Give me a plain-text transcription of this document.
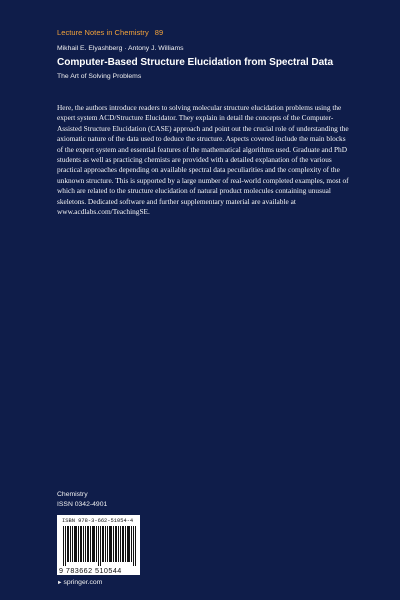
Lecture Notes in Chemistry 89
Mikhail E. Elyashberg · Antony J. Williams
Computer-Based Structure Elucidation from Spectral Data
The Art of Solving Problems

Here, the authors introduce readers to solving molecular structure elucidation problems using the expert system ACD/Structure Elucidator. They explain in detail the concepts of the Computer-Assisted Structure Elucidation (CASE) approach and point out the crucial role of understanding the axiomatic nature of the data used to deduce the structure. Aspects covered include the main blocks of the expert system and essential features of the mathematical algorithms used. Graduate and PhD students as well as practicing chemists are provided with a detailed explanation of the various practical approaches depending on available spectral data peculiarities and the complexity of the unknown structure. This is supported by a large number of real-world completed examples, most of which are related to the structure elucidation of natural product molecules containing unusual skeletons. Dedicated software and further supplementary material are available at www.acdlabs.com/TeachingSE.

Chemistry
ISSN 0342-4901
ISBN 978-3-662-51054-4
9 783662 510544
►springer.com
